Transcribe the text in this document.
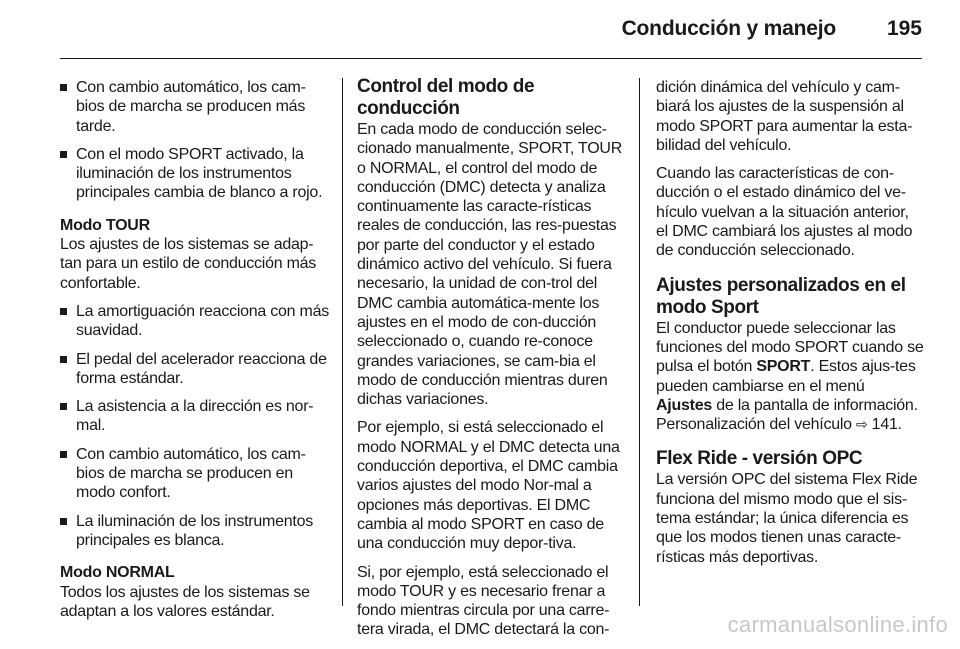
Conducción y manejo 195
Con cambio automático, los cam-bios de marcha se producen más tarde.
Con el modo SPORT activado, la iluminación de los instrumentos principales cambia de blanco a rojo.
Modo TOUR

Los ajustes de los sistemas se adap-tan para un estilo de conducción más confortable.

La amortiguación reacciona con más suavidad.
El pedal del acelerador reacciona de forma estándar.
La asistencia a la dirección es nor-mal.
Con cambio automático, los cam-bios de marcha se producen en modo confort.
La iluminación de los instrumentos principales es blanca.
Modo NORMAL

Todos los ajustes de los sistemas se adaptan a los valores estándar.

Control del modo de conducción

En cada modo de conducción selec-cionado manualmente, SPORT, TOUR o NORMAL, el control del modo de conducción (DMC) detecta y analiza continuamente las caracte-rísticas reales de conducción, las res-puestas por parte del conductor y el estado dinámico activo del vehículo. Si fuera necesario, la unidad de con-trol del DMC cambia automática-mente los ajustes en el modo de con-ducción seleccionado o, cuando re-conoce grandes variaciones, se cam-bia el modo de conducción mientras duren dichas variaciones.

Por ejemplo, si está seleccionado el modo NORMAL y el DMC detecta una conducción deportiva, el DMC cambia varios ajustes del modo Nor-mal a opciones más deportivas. El DMC cambia al modo SPORT en caso de una conducción muy depor-tiva.

Si, por ejemplo, está seleccionado el modo TOUR y es necesario frenar a fondo mientras circula por una carre-tera virada, el DMC detectará la con-

dición dinámica del vehículo y cam-biará los ajustes de la suspensión al modo SPORT para aumentar la esta-bilidad del vehículo.

Cuando las características de con-ducción o el estado dinámico del ve-hículo vuelvan a la situación anterior, el DMC cambiará los ajustes al modo de conducción seleccionado.

Ajustes personalizados en el modo Sport

El conductor puede seleccionar las funciones del modo SPORT cuando se pulsa el botón SPORT. Estos ajus-tes pueden cambiarse en el menú Ajustes de la pantalla de información. Personalización del vehículo ⇨ 141.

Flex Ride - versión OPC

La versión OPC del sistema Flex Ride funciona del mismo modo que el sis-tema estándar; la única diferencia es que los modos tienen unas caracte-rísticas más deportivas.

carmanualsonline.info
